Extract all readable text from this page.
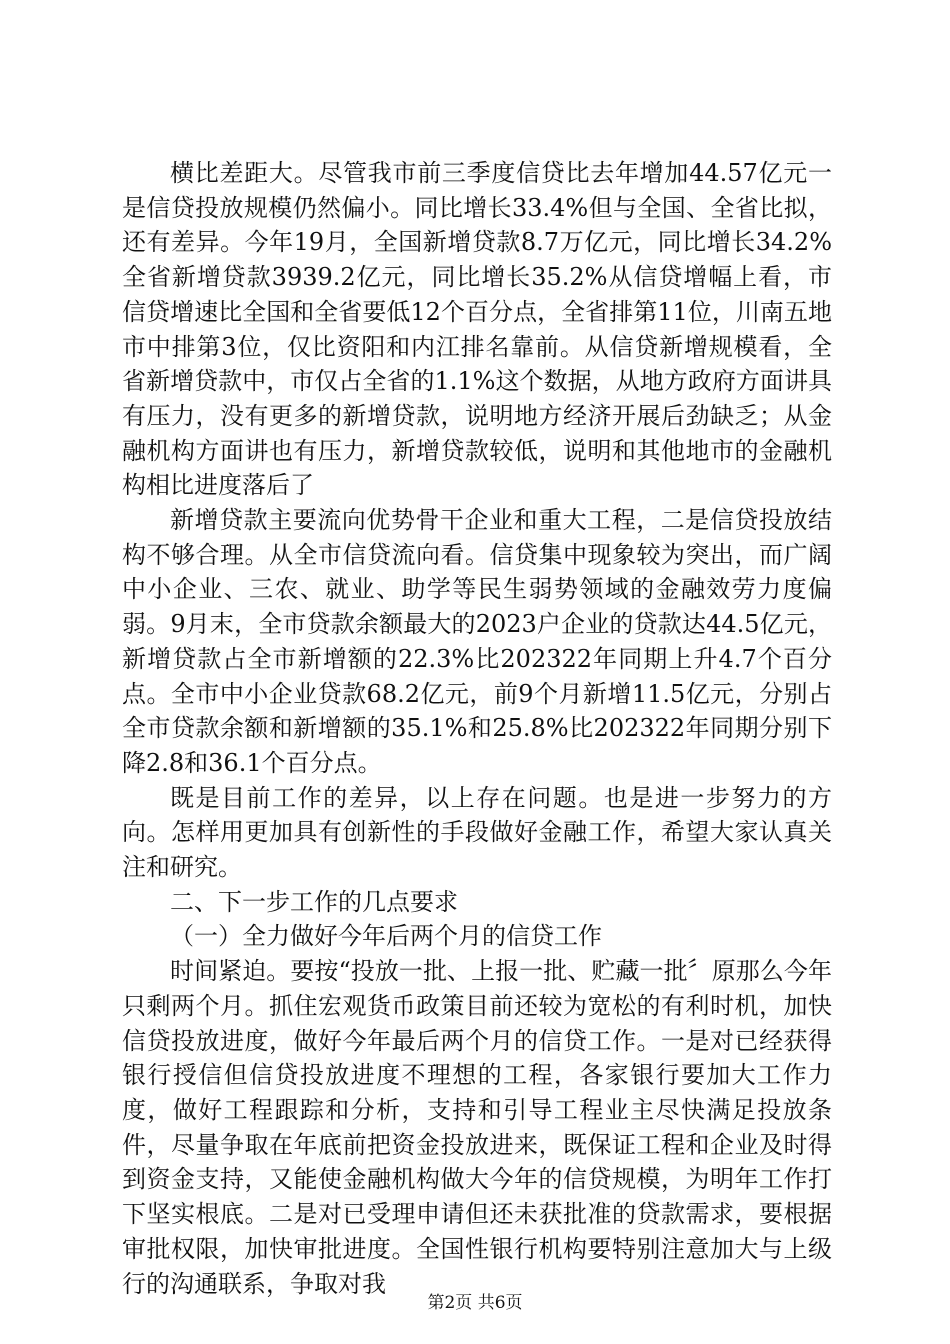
横比差距大。尽管我市前三季度信贷比去年增加44.57亿元一是信贷投放规模仍然偏小。同比增长33.4%但与全国、全省比拟，还有差异。今年19月，全国新增贷款8.7万亿元，同比增长34.2%全省新增贷款3939.2亿元，同比增长35.2%从信贷增幅上看，市信贷增速比全国和全省要低12个百分点，全省排第11位，川南五地市中排第3位，仅比资阳和内江排名靠前。从信贷新增规模看，全省新增贷款中，市仅占全省的1.1%这个数据，从地方政府方面讲具有压力，没有更多的新增贷款，说明地方经济开展后劲缺乏；从金融机构方面讲也有压力，新增贷款较低，说明和其他地市的金融机构相比进度落后了

新增贷款主要流向优势骨干企业和重大工程，二是信贷投放结构不够合理。从全市信贷流向看。信贷集中现象较为突出，而广阔中小企业、三农、就业、助学等民生弱势领域的金融效劳力度偏弱。9月末，全市贷款余额最大的2023户企业的贷款达44.5亿元，新增贷款占全市新增额的22.3%比202322年同期上升4.7个百分点。全市中小企业贷款68.2亿元，前9个月新增11.5亿元，分别占全市贷款余额和新增额的35.1%和25.8%比202322年同期分别下降2.8和36.1个百分点。

既是目前工作的差异，以上存在问题。也是进一步努力的方向。怎样用更加具有创新性的手段做好金融工作，希望大家认真关注和研究。

二、下一步工作的几点要求

（一）全力做好今年后两个月的信贷工作

时间紧迫。要按“投放一批、上报一批、贮藏一批〞原那么今年只剩两个月。抓住宏观货币政策目前还较为宽松的有利时机，加快信贷投放进度，做好今年最后两个月的信贷工作。一是对已经获得银行授信但信贷投放进度不理想的工程，各家银行要加大工作力度，做好工程跟踪和分析，支持和引导工程业主尽快满足投放条件，尽量争取在年底前把资金投放进来，既保证工程和企业及时得到资金支持，又能使金融机构做大今年的信贷规模，为明年工作打下坚实根底。二是对已受理申请但还未获批准的贷款需求，要根据审批权限，加快审批进度。全国性银行机构要特别注意加大与上级行的沟通联系，争取对我

第2页 共6页
